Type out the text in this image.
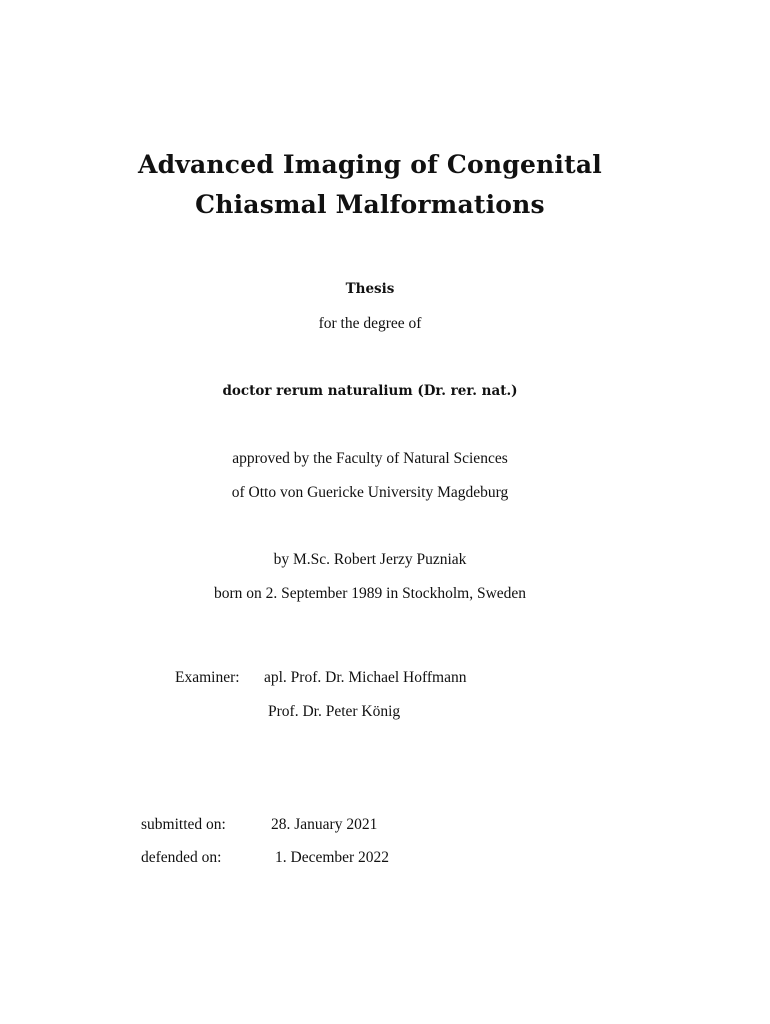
Advanced Imaging of Congenital
Chiasmal Malformations
Thesis
for the degree of
doctor rerum naturalium (Dr. rer. nat.)
approved by the Faculty of Natural Sciences
of Otto von Guericke University Magdeburg
by M.Sc. Robert Jerzy Puzniak
born on 2. September 1989 in Stockholm, Sweden
Examiner: apl. Prof. Dr. Michael Hoffmann
Prof. Dr. Peter König
submitted on:	28. January 2021
defended on:	1. December 2022
